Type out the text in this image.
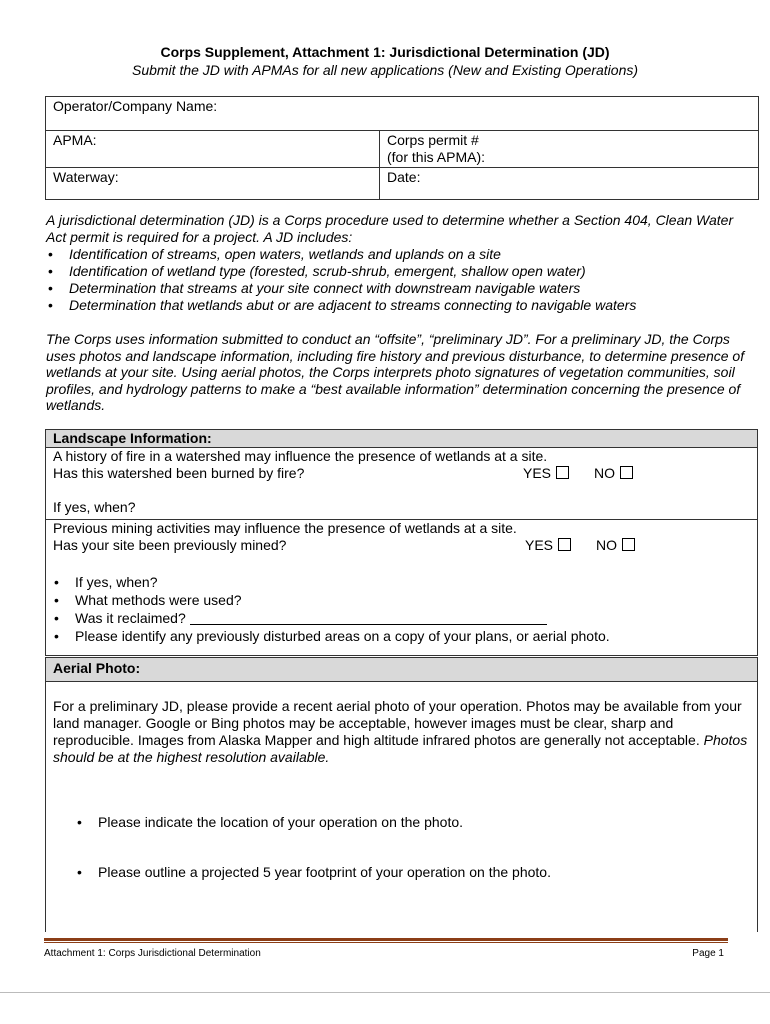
Corps Supplement, Attachment 1: Jurisdictional Determination (JD)
Submit the JD with APMAs for all new applications (New and Existing Operations)
Operator/Company Name:	
APMA:	Corps permit #
(for this APMA):

Waterway:	Date:

A jurisdictional determination (JD) is a Corps procedure used to determine whether a Section 404, Clean Water Act permit is required for a project. A JD includes:

• Identification of streams, open waters, wetlands and uplands on a site
• Identification of wetland type (forested, scrub-shrub, emergent, shallow open water)
• Determination that streams at your site connect with downstream navigable waters
• Determination that wetlands abut or are adjacent to streams connecting to navigable waters

The Corps uses information submitted to conduct an “offsite”, “preliminary JD”. For a preliminary JD, the Corps uses photos and landscape information, including fire history and previous disturbance, to determine presence of wetlands at your site. Using aerial photos, the Corps interprets photo signatures of vegetation communities, soil profiles, and hydrology patterns to make a “best available information” determination concerning the presence of wetlands.

Landscape Information:
A history of fire in a watershed may influence the presence of wetlands at a site.
Has this watershed been burned by fire?	YES	NO
If yes, when?
Previous mining activities may influence the presence of wetlands at a site.
Has your site been previously mined?	YES	NO
• If yes, when?
• What methods were used?
• Was it reclaimed?
• Please identify any previously disturbed areas on a copy of your plans, or aerial photo.
Aerial Photo:
For a preliminary JD, please provide a recent aerial photo of your operation. Photos may be available from your land manager. Google or Bing photos may be acceptable, however images must be clear, sharp and reproducible. Images from Alaska Mapper and high altitude infrared photos are generally not acceptable. Photos should be at the highest resolution available.
• Please indicate the location of your operation on the photo.
• Please outline a projected 5 year footprint of your operation on the photo.
Attachment 1: Corps Jurisdictional Determination	Page 1
